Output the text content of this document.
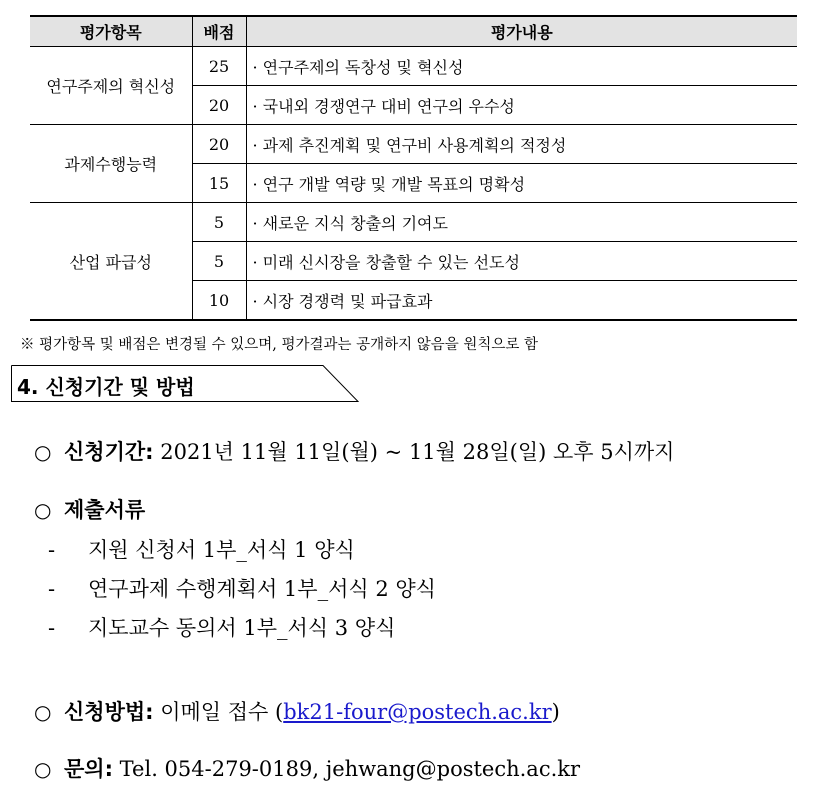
평가항목	배점	평가내용
연구주제의 혁신성	25	· 연구주제의 독창성 및 혁신성
	20	· 국내외 경쟁연구 대비 연구의 우수성
과제수행능력	20	· 과제 추진계획 및 연구비 사용계획의 적정성
	15	· 연구 개발 역량 및 개발 목표의 명확성
산업 파급성	5	· 새로운 지식 창출의 기여도
	5	· 미래 신시장을 창출할 수 있는 선도성
	10	· 시장 경쟁력 및 파급효과
※ 평가항목 및 배점은 변경될 수 있으며, 평가결과는 공개하지 않음을 원칙으로 함
4. 신청기간 및 방법
○ 신청기간: 2021년 11월 11일(월) ~ 11월 28일(일) 오후 5시까지
○ 제출서류
- 지원 신청서 1부_서식 1 양식
- 연구과제 수행계획서 1부_서식 2 양식
- 지도교수 동의서 1부_서식 3 양식
○ 신청방법: 이메일 접수 (bk21-four@postech.ac.kr)
○ 문의: Tel. 054-279-0189, jehwang@postech.ac.kr
